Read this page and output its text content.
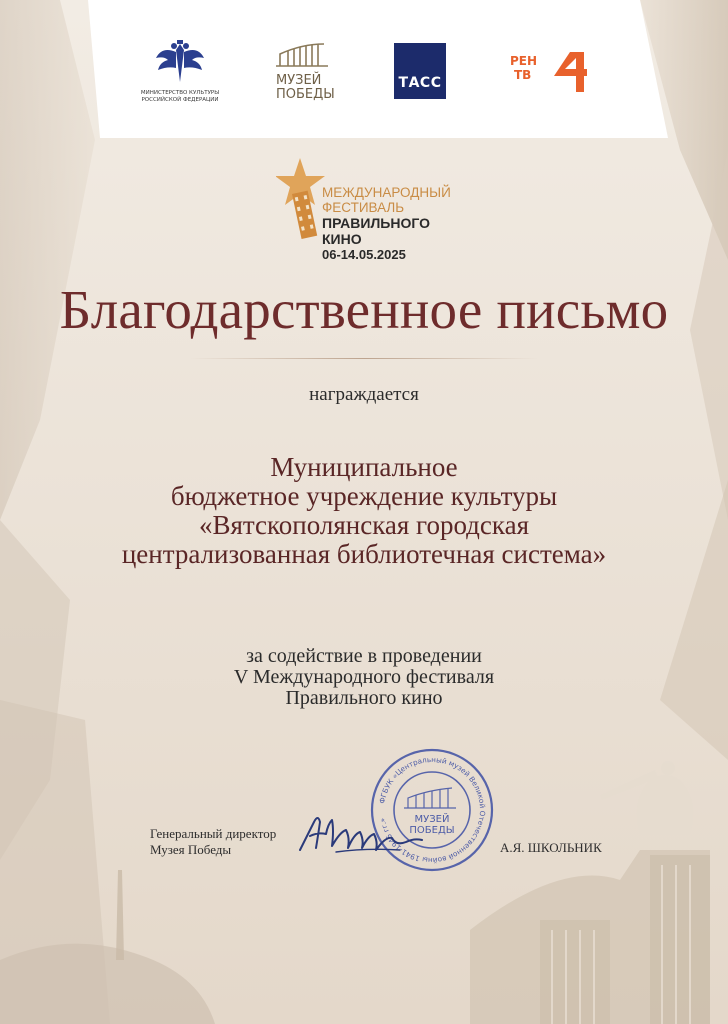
МИНИСТЕРСТВО КУЛЬТУРЫ
РОССИЙСКОЙ ФЕДЕРАЦИИ
МУЗЕЙ
ПОБЕДЫ
ТАСС
РЕН
ТВ
МЕЖДУНАРОДНЫЙ
ФЕСТИВАЛЬ
ПРАВИЛЬНОГО
КИНО
06-14.05.2025
Благодарственное письмо
награждается
Муниципальное
бюджетное учреждение культуры
«Вятскополянская городская
централизованная библиотечная система»
за содействие в проведении
V Международного фестиваля
Правильного кино
Генеральный директор
Музея Победы	А.Я. ШКОЛЬНИК
ФГБУК «Центральный музей Великой Отечественной войны 1941-1945 гг.»	МУЗЕЙ
ПОБЕДЫ
